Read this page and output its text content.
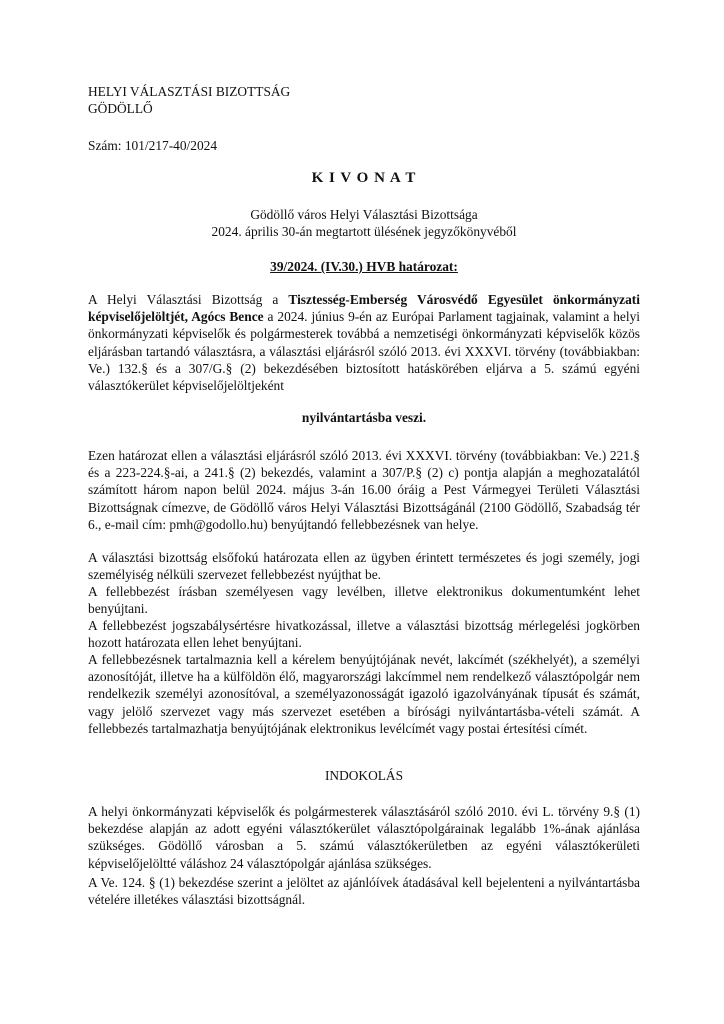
HELYI VÁLASZTÁSI BIZOTTSÁG
GÖDÖLLŐ
Szám: 101/217-40/2024
K I V O N A T
Gödöllő város Helyi Választási Bizottsága
2024. április 30-án megtartott ülésének jegyzőkönyvéből
39/2024. (IV.30.) HVB határozat:
A Helyi Választási Bizottság a Tisztesség-Emberség Városvédő Egyesület önkormányzati képviselőjelöltjét, Agócs Bence a 2024. június 9-én az Európai Parlament tagjainak, valamint a helyi önkormányzati képviselők és polgármesterek továbbá a nemzetiségi önkormányzati képviselők közös eljárásban tartandó választásra, a választási eljárásról szóló 2013. évi XXXVI. törvény (továbbiakban: Ve.) 132.§ és a 307/G.§ (2) bekezdésében biztosított hatáskörében eljárva a 5. számú egyéni választókerület képviselőjelöltjeként
nyilvántartásba veszi.
Ezen határozat ellen a választási eljárásról szóló 2013. évi XXXVI. törvény (továbbiakban: Ve.) 221.§ és a 223-224.§-ai, a 241.§ (2) bekezdés, valamint a 307/P.§ (2) c) pontja alapján a meghozatalától számított három napon belül 2024. május 3-án 16.00 óráig a Pest Vármegyei Területi Választási Bizottságnak címezve, de Gödöllő város Helyi Választási Bizottságánál (2100 Gödöllő, Szabadság tér 6., e-mail cím: pmh@godollo.hu) benyújtandó fellebbezésnek van helye.
A választási bizottság elsőfokú határozata ellen az ügyben érintett természetes és jogi személy, jogi személyiség nélküli szervezet fellebbezést nyújthat be.
A fellebbezést írásban személyesen vagy levélben, illetve elektronikus dokumentumként lehet benyújtani.
A fellebbezést jogszabálysértésre hivatkozással, illetve a választási bizottság mérlegelési jogkörben hozott határozata ellen lehet benyújtani.
A fellebbezésnek tartalmaznia kell a kérelem benyújtójának nevét, lakcímét (székhelyét), a személyi azonosítóját, illetve ha a külföldön élő, magyarországi lakcímmel nem rendelkező választópolgár nem rendelkezik személyi azonosítóval, a személyazonosságát igazoló igazolványának típusát és számát, vagy jelölő szervezet vagy más szervezet esetében a bírósági nyilvántartásba-vételi számát. A fellebbezés tartalmazhatja benyújtójának elektronikus levélcímét vagy postai értesítési címét.
INDOKOLÁS
A helyi önkormányzati képviselők és polgármesterek választásáról szóló 2010. évi L. törvény 9.§ (1) bekezdése alapján az adott egyéni választókerület választópolgárainak legalább 1%-ának ajánlása szükséges. Gödöllő városban a 5. számú választókerületben az egyéni választókerületi képviselőjelöltté váláshoz 24 választópolgár ajánlása szükséges.
A Ve. 124. § (1) bekezdése szerint a jelöltet az ajánlóívek átadásával kell bejelenteni a nyilvántartásba vételére illetékes választási bizottságnál.
